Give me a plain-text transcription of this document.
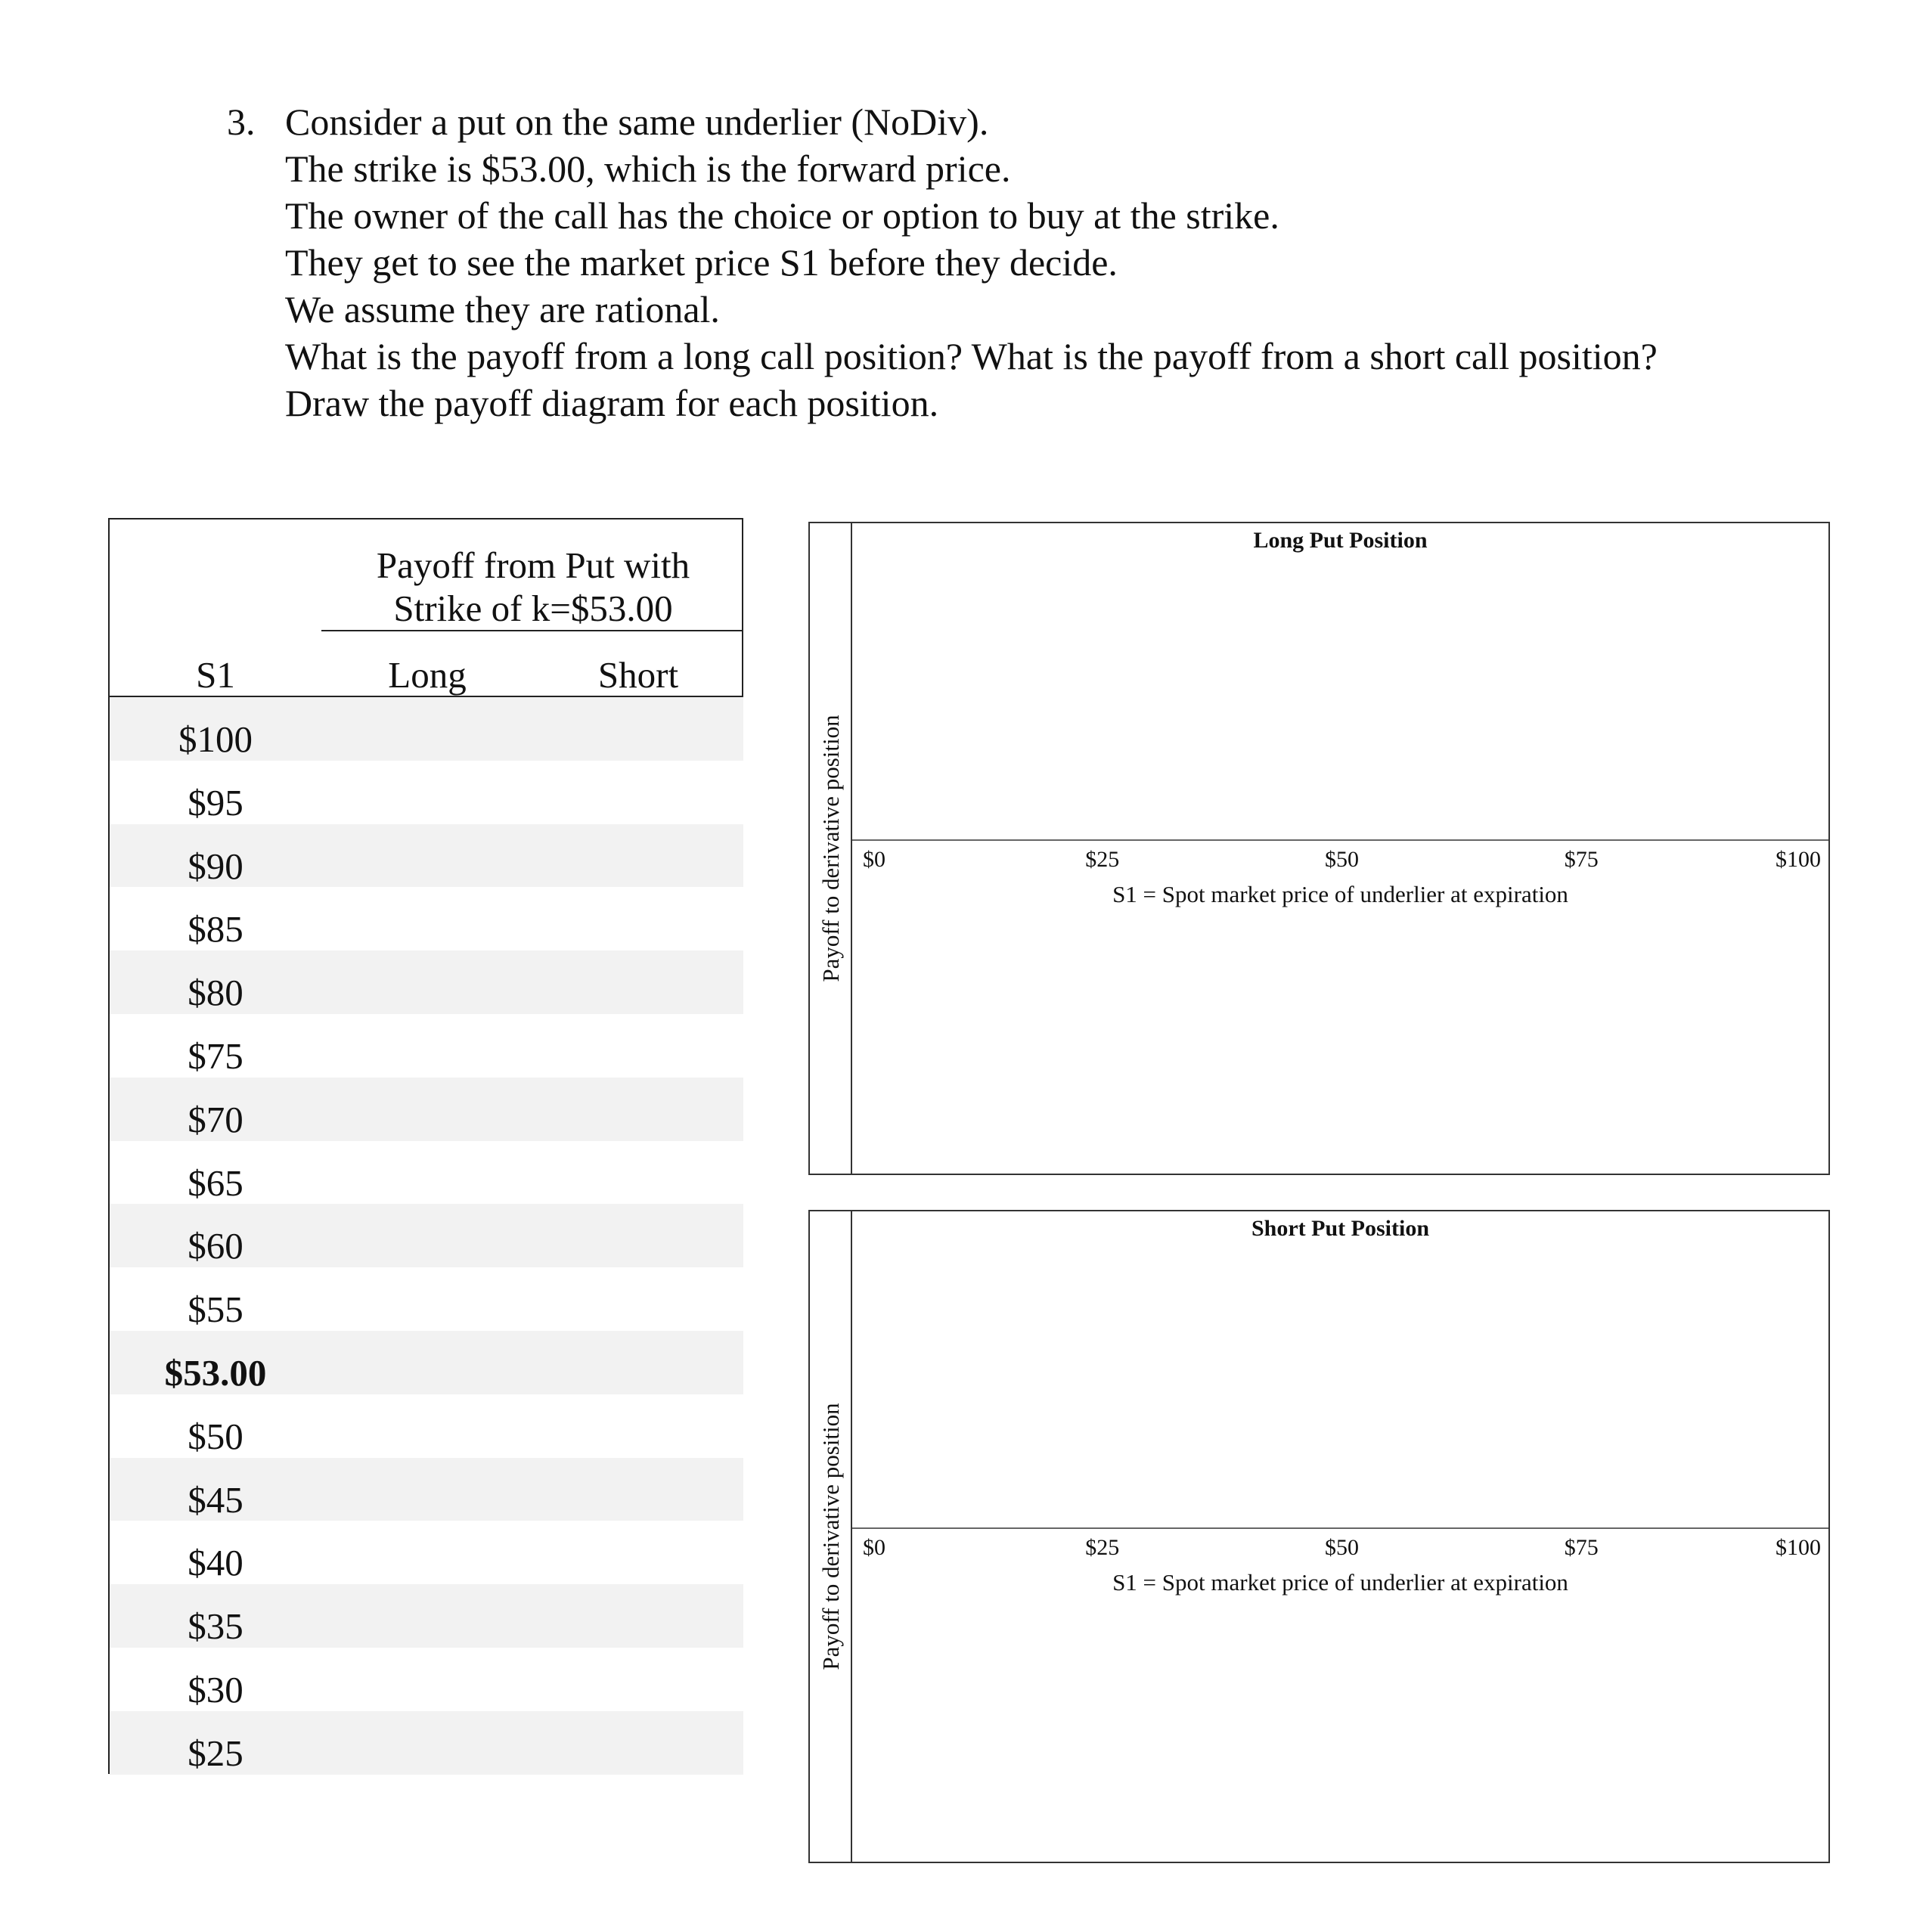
3. Consider a put on the same underlier (NoDiv).
The strike is $53.00, which is the forward price.
The owner of the call has the choice or option to buy at the strike.
They get to see the market price S1 before they decide.
We assume they are rational.
What is the payoff from a long call position? What is the payoff from a short call position?
Draw the payoff diagram for each position.
Payoff from Put with
Strike of k=$53.00
S1	Long	Short
$100
$95
$90
$85
$80
$75
$70
$65
$60
$55
$53.00
$50
$45
$40
$35
$30
$25
Payoff to derivative position
Long Put Position
$0	$25	$50	$75	$100
S1 = Spot market price of underlier at expiration
Payoff to derivative position
Short Put Position
$0	$25	$50	$75	$100
S1 = Spot market price of underlier at expiration
